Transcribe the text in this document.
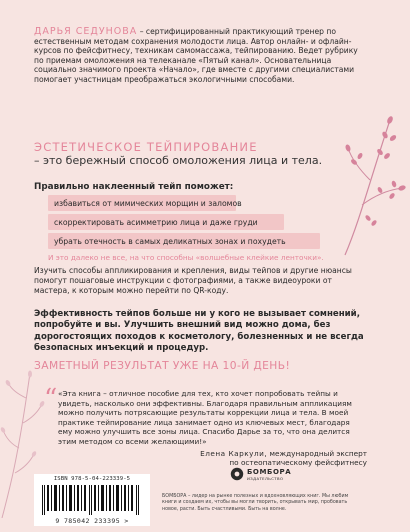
ДАРЬЯ СЕДУНОВА – сертифицированный практикующий тренер по естественным методам сохранения молодости лица. Автор онлайн- и офлайн-курсов по фейсфитнесу, техникам самомассажа, тейпированию. Ведет рубрику по приемам омоложения на телеканале «Пятый канал». Основательница социально значимого проекта «Начало», где вместе с другими специалистами помогает участницам преображаться экологичными способами.
ЭСТЕТИЧЕСКОЕ ТЕЙПИРОВАНИЕ
– это бережный способ омоложения лица и тела.
Правильно наклеенный тейп поможет:
избавиться от мимических морщин и заломов
скорректировать асимметрию лица и даже груди
убрать отечность в самых деликатных зонах и похудеть
И это далеко не все, на что способны «волшебные клейкие ленточки».
Изучить способы аппликирования и крепления, виды тейпов и другие нюансы помогут пошаговые инструкции с фотографиями, а также видеоуроки от мастера, к которым можно перейти по QR-коду.
Эффективность тейпов больше ни у кого не вызывает сомнений, попробуйте и вы. Улучшить внешний вид можно дома, без дорогостоящих походов к косметологу, болезненных и не всегда безопасных инъекций и процедур.
ЗАМЕТНЫЙ РЕЗУЛЬТАТ УЖЕ НА 10-Й ДЕНЬ!
“ «Эта книга – отличное пособие для тех, кто хочет попробовать тейпы и увидеть, насколько они эффективны. Благодаря правильным аппликациям можно получить потрясающие результаты коррекции лица и тела. В моей практике тейпирование лица занимает одно из ключевых мест, благодаря ему можно улучшить все зоны лица. Спасибо Дарье за то, что она делится этим методом со всеми желающими!»
Елена Каркули, международный эксперт
по остеопатическому фейсфитнесу
ISBN 978-5-04-223339-5
9 785042 233395 >
БОМБОРА
ИЗДАТЕЛЬСТВО
БОМБОРА – лидер на рынке полезных и вдохновляющих книг. Мы любим книги и создаем их, чтобы вы могли творить, открывать мир, пробовать новое, расти. Быть счастливыми. Быть на волне.
